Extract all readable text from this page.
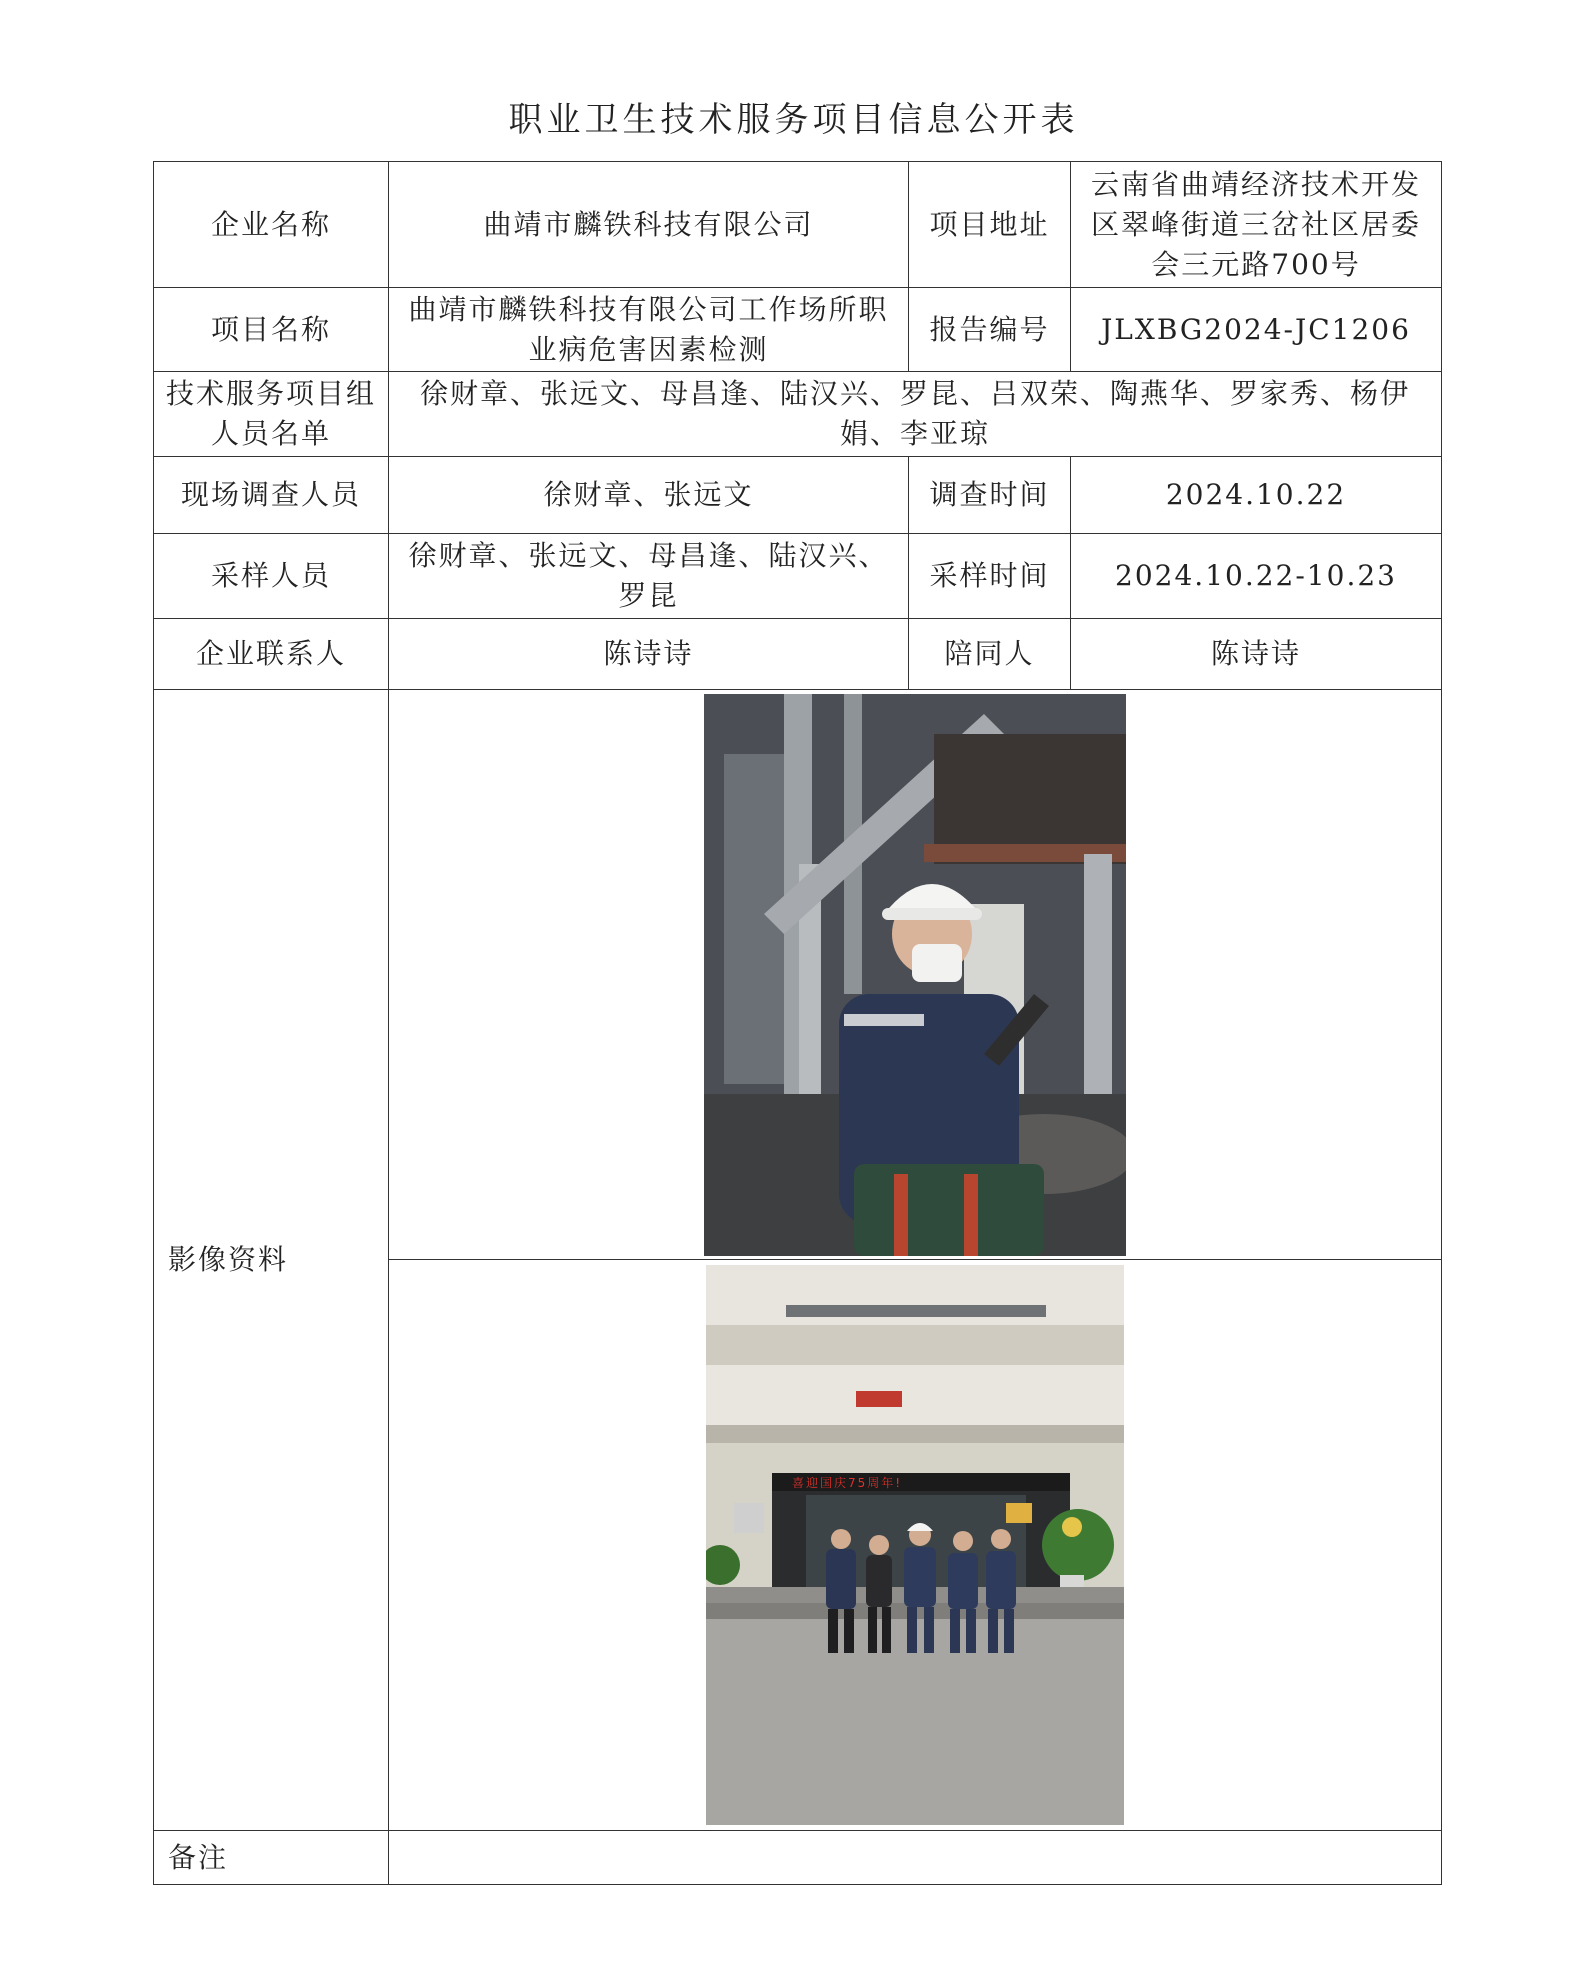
职业卫生技术服务项目信息公开表
企业名称	曲靖市麟铁科技有限公司	项目地址	云南省曲靖经济技术开发区翠峰街道三岔社区居委会三元路700号
项目名称	曲靖市麟铁科技有限公司工作场所职业病危害因素检测	报告编号	JLXBG2024-JC1206
技术服务项目组人员名单	徐财章、张远文、母昌逢、陆汉兴、罗昆、吕双荣、陶燕华、罗家秀、杨伊娟、李亚琼		
现场调查人员	徐财章、张远文	调查时间	2024.10.22
采样人员	徐财章、张远文、母昌逢、陆汉兴、罗昆	采样时间	2024.10.22-10.23
企业联系人	陈诗诗	陪同人	陈诗诗
影像资料	

喜迎国庆75周年!		

备注			
